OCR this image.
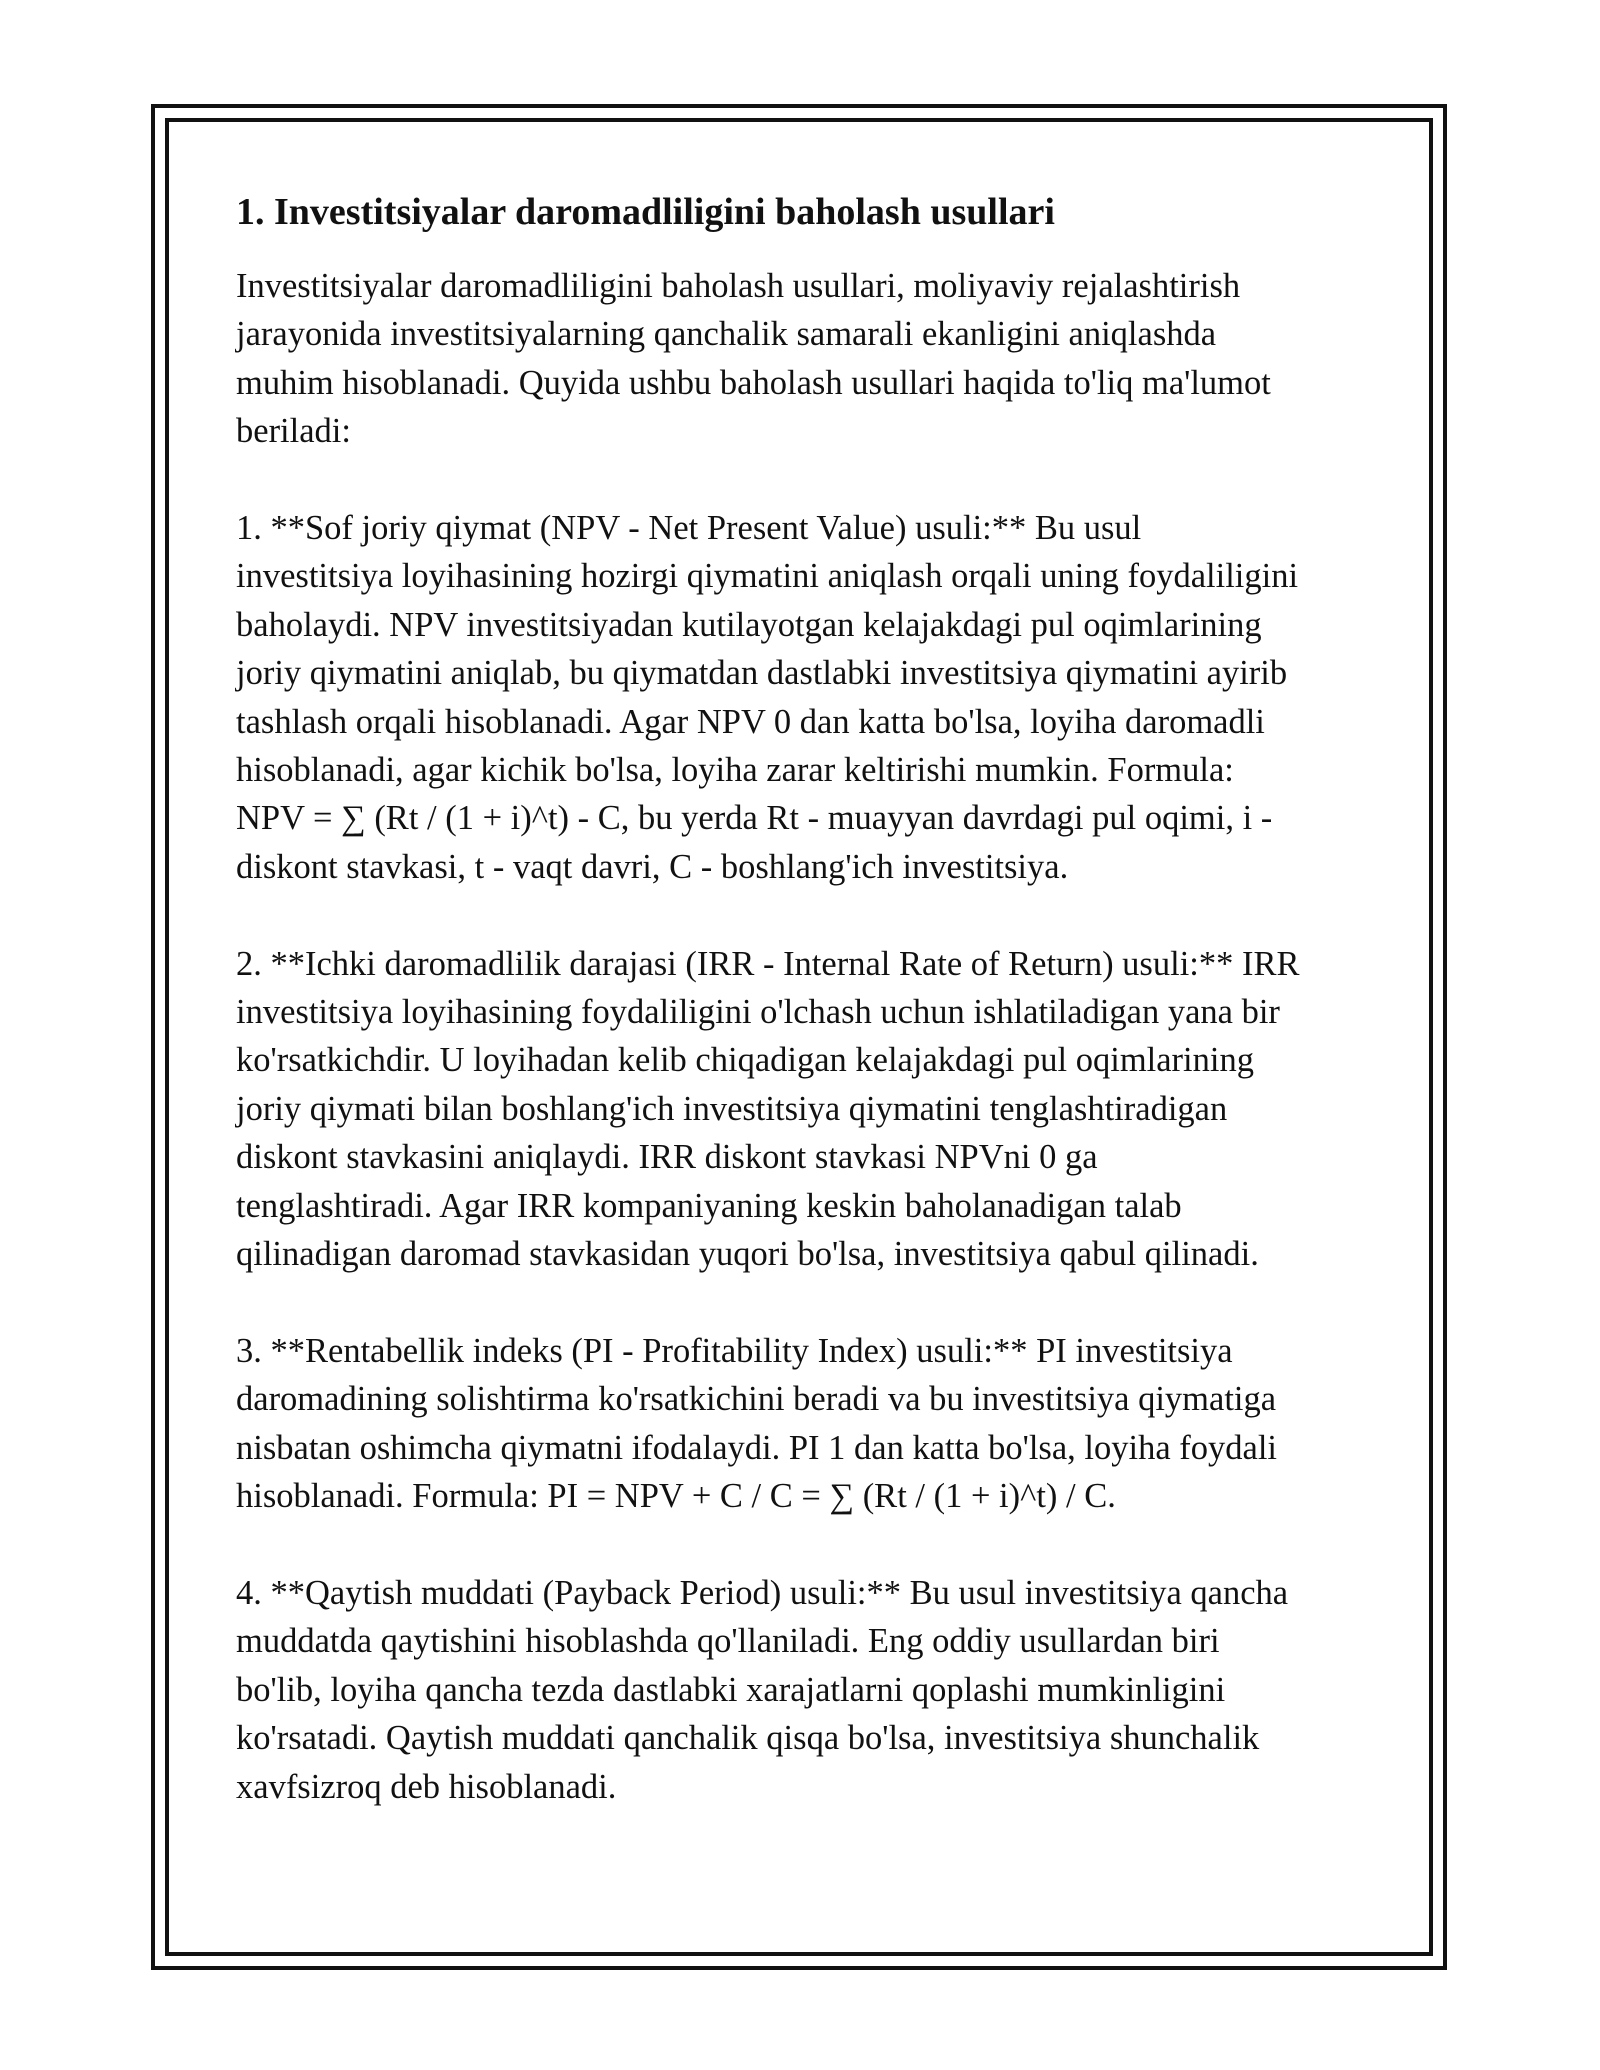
1. Investitsiyalar daromadliligini baholash usullari

Investitsiyalar daromadliligini baholash usullari, moliyaviy rejalashtirish
jarayonida investitsiyalarning qanchalik samarali ekanligini aniqlashda
muhim hisoblanadi. Quyida ushbu baholash usullari haqida to'liq ma'lumot
beriladi:

1. **Sof joriy qiymat (NPV - Net Present Value) usuli:** Bu usul
investitsiya loyihasining hozirgi qiymatini aniqlash orqali uning foydaliligini
baholaydi. NPV investitsiyadan kutilayotgan kelajakdagi pul oqimlarining
joriy qiymatini aniqlab, bu qiymatdan dastlabki investitsiya qiymatini ayirib
tashlash orqali hisoblanadi. Agar NPV 0 dan katta bo'lsa, loyiha daromadli
hisoblanadi, agar kichik bo'lsa, loyiha zarar keltirishi mumkin. Formula:
NPV = ∑ (Rt / (1 + i)^t) - C, bu yerda Rt - muayyan davrdagi pul oqimi, i -
diskont stavkasi, t - vaqt davri, C - boshlang'ich investitsiya.

2. **Ichki daromadlilik darajasi (IRR - Internal Rate of Return) usuli:** IRR
investitsiya loyihasining foydaliligini o'lchash uchun ishlatiladigan yana bir
ko'rsatkichdir. U loyihadan kelib chiqadigan kelajakdagi pul oqimlarining
joriy qiymati bilan boshlang'ich investitsiya qiymatini tenglashtiradigan
diskont stavkasini aniqlaydi. IRR diskont stavkasi NPVni 0 ga
tenglashtiradi. Agar IRR kompaniyaning keskin baholanadigan talab
qilinadigan daromad stavkasidan yuqori bo'lsa, investitsiya qabul qilinadi.

3. **Rentabellik indeks (PI - Profitability Index) usuli:** PI investitsiya
daromadining solishtirma ko'rsatkichini beradi va bu investitsiya qiymatiga
nisbatan oshimcha qiymatni ifodalaydi. PI 1 dan katta bo'lsa, loyiha foydali
hisoblanadi. Formula: PI = NPV + C / C = ∑ (Rt / (1 + i)^t) / C.

4. **Qaytish muddati (Payback Period) usuli:** Bu usul investitsiya qancha
muddatda qaytishini hisoblashda qo'llaniladi. Eng oddiy usullardan biri
bo'lib, loyiha qancha tezda dastlabki xarajatlarni qoplashi mumkinligini
ko'rsatadi. Qaytish muddati qanchalik qisqa bo'lsa, investitsiya shunchalik
xavfsizroq deb hisoblanadi.
